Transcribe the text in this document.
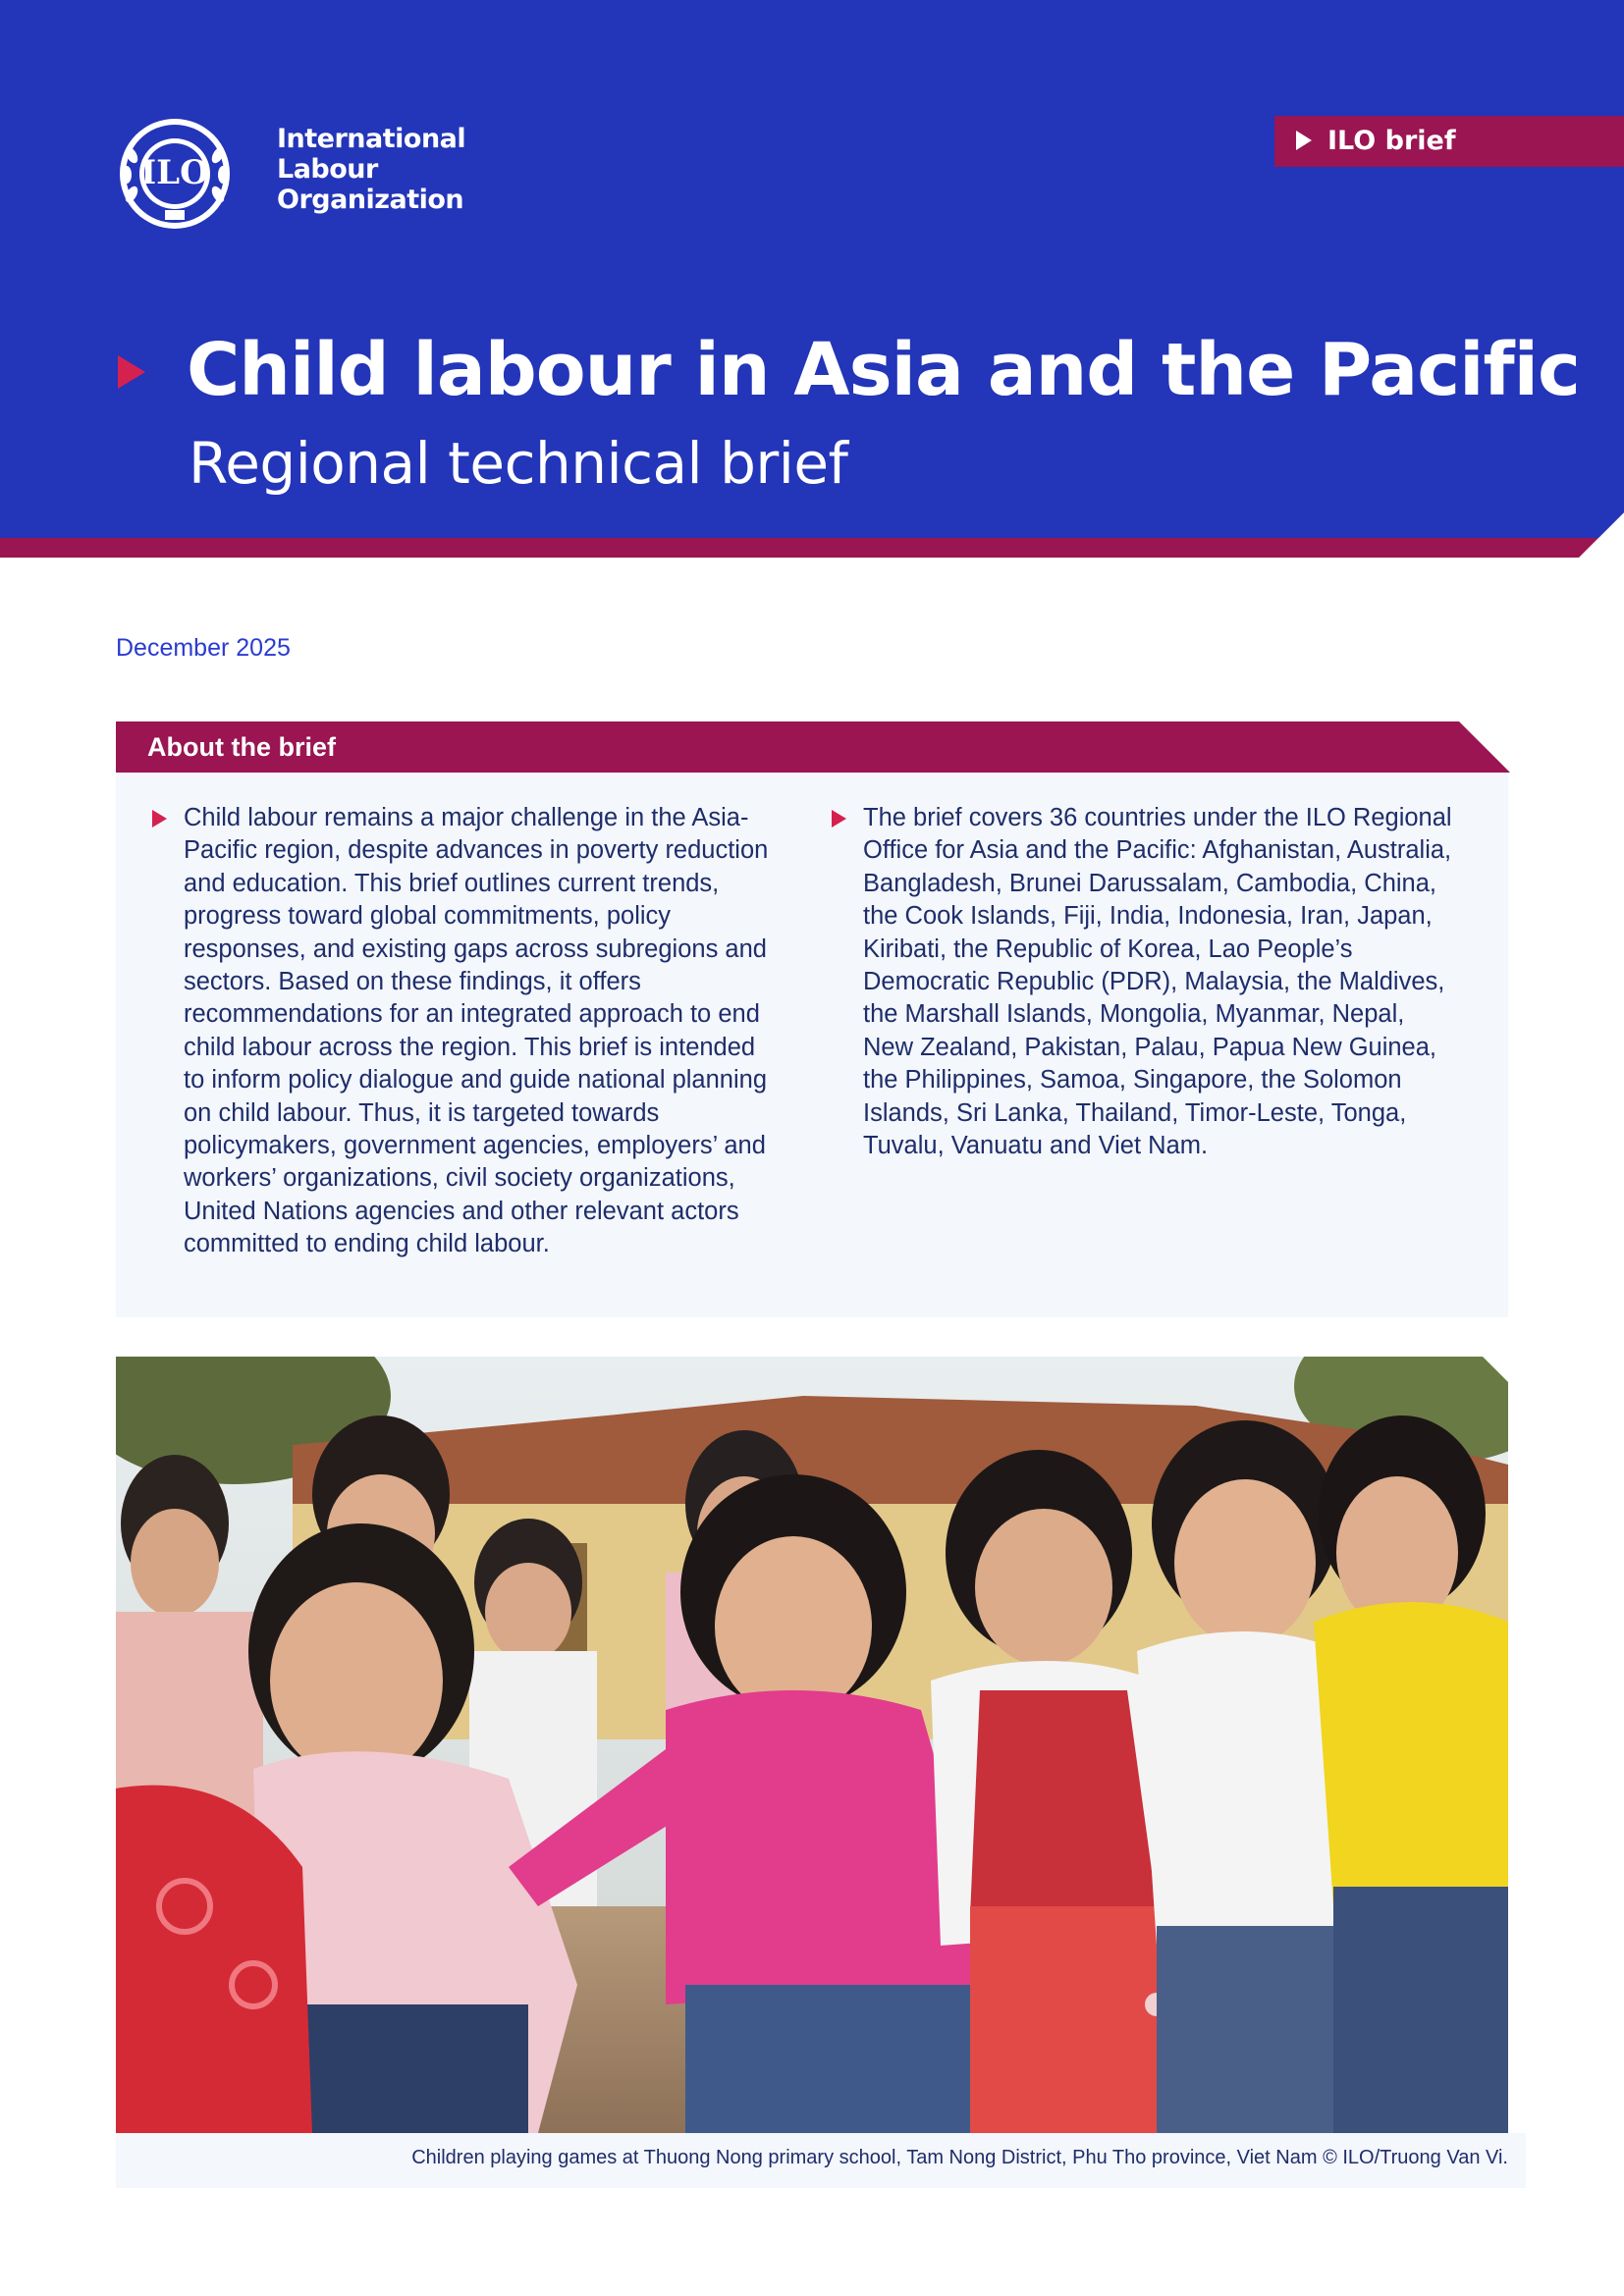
ILO
International
Labour
Organization
ILO brief
Child labour in Asia and the Pacific
Regional technical brief
December 2025
About the brief

Child labour remains a major challenge in the Asia-Pacific region, despite advances in poverty reduction and education. This brief outlines current trends, progress toward global commitments, policy responses, and existing gaps across subregions and sectors. Based on these findings, it offers recommendations for an integrated approach to end child labour across the region. This brief is intended to inform policy dialogue and guide national planning on child labour. Thus, it is targeted towards policymakers, government agencies, employers’ and workers’ organizations, civil society organizations, United Nations agencies and other relevant actors committed to ending child labour.

The brief covers 36 countries under the ILO Regional Office for Asia and the Pacific: Afghanistan, Australia, Bangladesh, Brunei Darussalam, Cambodia, China, the Cook Islands, Fiji, India, Indonesia, Iran, Japan, Kiribati, the Republic of Korea, Lao People’s Democratic Republic (PDR), Malaysia, the Maldives, the Marshall Islands, Mongolia, Myanmar, Nepal, New Zealand, Pakistan, Palau, Papua New Guinea, the Philippines, Samoa, Singapore, the Solomon Islands, Sri Lanka, Thailand, Timor-Leste, Tonga, Tuvalu, Vanuatu and Viet Nam.

Children playing games at Thuong Nong primary school, Tam Nong District, Phu Tho province, Viet Nam © ILO/Truong Van Vi.
